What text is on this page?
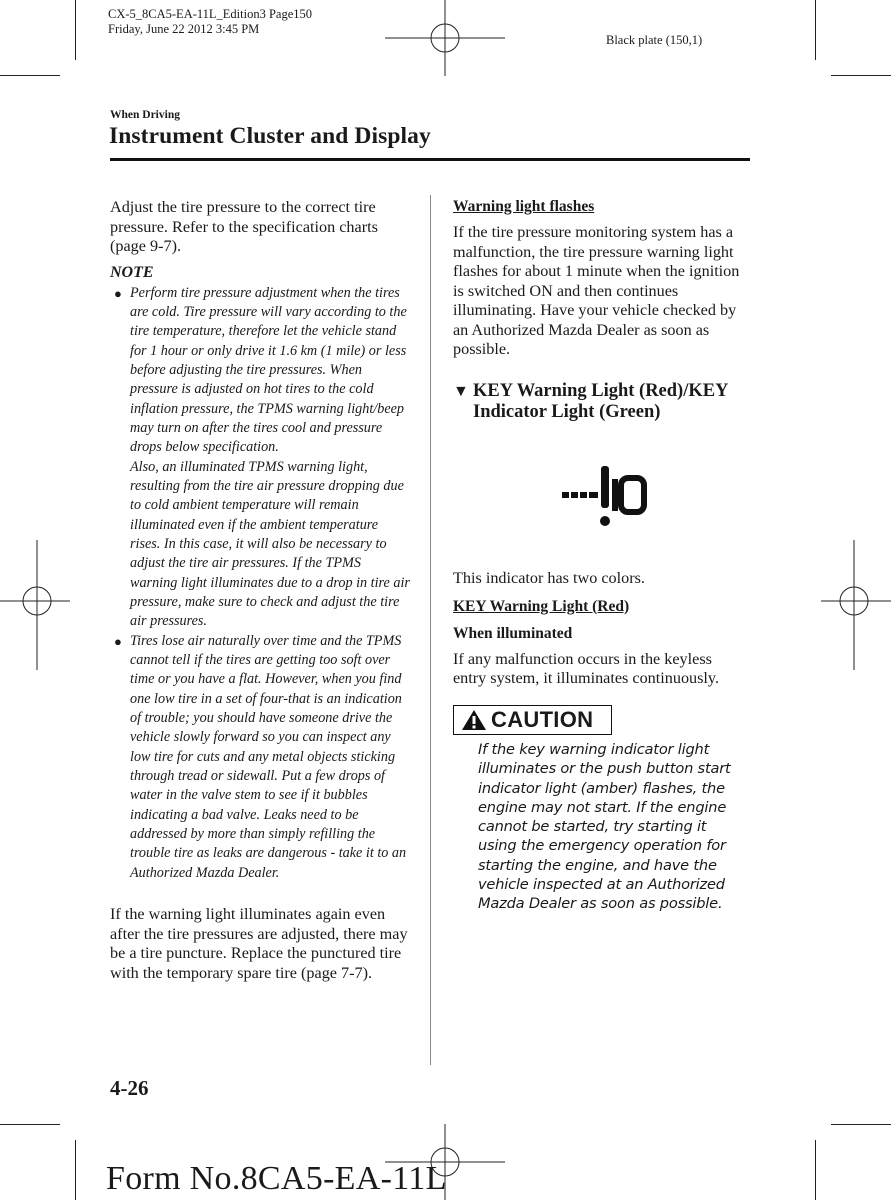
CX-5_8CA5-EA-11L_Edition3 Page150
Friday, June 22 2012 3:45 PM
Black plate (150,1)
When Driving
Instrument Cluster and Display
Adjust the tire pressure to the correct tire pressure. Refer to the specification charts (page 9-7).
NOTE
● Perform tire pressure adjustment when the tires are cold. Tire pressure will vary according to the tire temperature, therefore let the vehicle stand for 1 hour or only drive it 1.6 km (1 mile) or less before adjusting the tire pressures. When pressure is adjusted on hot tires to the cold inflation pressure, the TPMS warning light/beep may turn on after the tires cool and pressure drops below specification.
Also, an illuminated TPMS warning light, resulting from the tire air pressure dropping due to cold ambient temperature will remain illuminated even if the ambient temperature rises. In this case, it will also be necessary to adjust the tire air pressures. If the TPMS warning light illuminates due to a drop in tire air pressure, make sure to check and adjust the tire air pressures.
● Tires lose air naturally over time and the TPMS cannot tell if the tires are getting too soft over time or you have a flat. However, when you find one low tire in a set of four-that is an indication of trouble; you should have someone drive the vehicle slowly forward so you can inspect any low tire for cuts and any metal objects sticking through tread or sidewall. Put a few drops of water in the valve stem to see if it bubbles indicating a bad valve. Leaks need to be addressed by more than simply refilling the trouble tire as leaks are dangerous - take it to an Authorized Mazda Dealer.
If the warning light illuminates again even after the tire pressures are adjusted, there may be a tire puncture. Replace the punctured tire with the temporary spare tire (page 7-7).
Warning light flashes
If the tire pressure monitoring system has a malfunction, the tire pressure warning light flashes for about 1 minute when the ignition is switched ON and then continues illuminating. Have your vehicle checked by an Authorized Mazda Dealer as soon as possible.
▼ KEY Warning Light (Red)/KEY Indicator Light (Green)
This indicator has two colors.
KEY Warning Light (Red)
When illuminated
If any malfunction occurs in the keyless entry system, it illuminates continuously.
CAUTION
If the key warning indicator light illuminates or the push button start indicator light (amber) flashes, the engine may not start. If the engine cannot be started, try starting it using the emergency operation for starting the engine, and have the vehicle inspected at an Authorized Mazda Dealer as soon as possible.
4-26
Form No.8CA5-EA-11L
